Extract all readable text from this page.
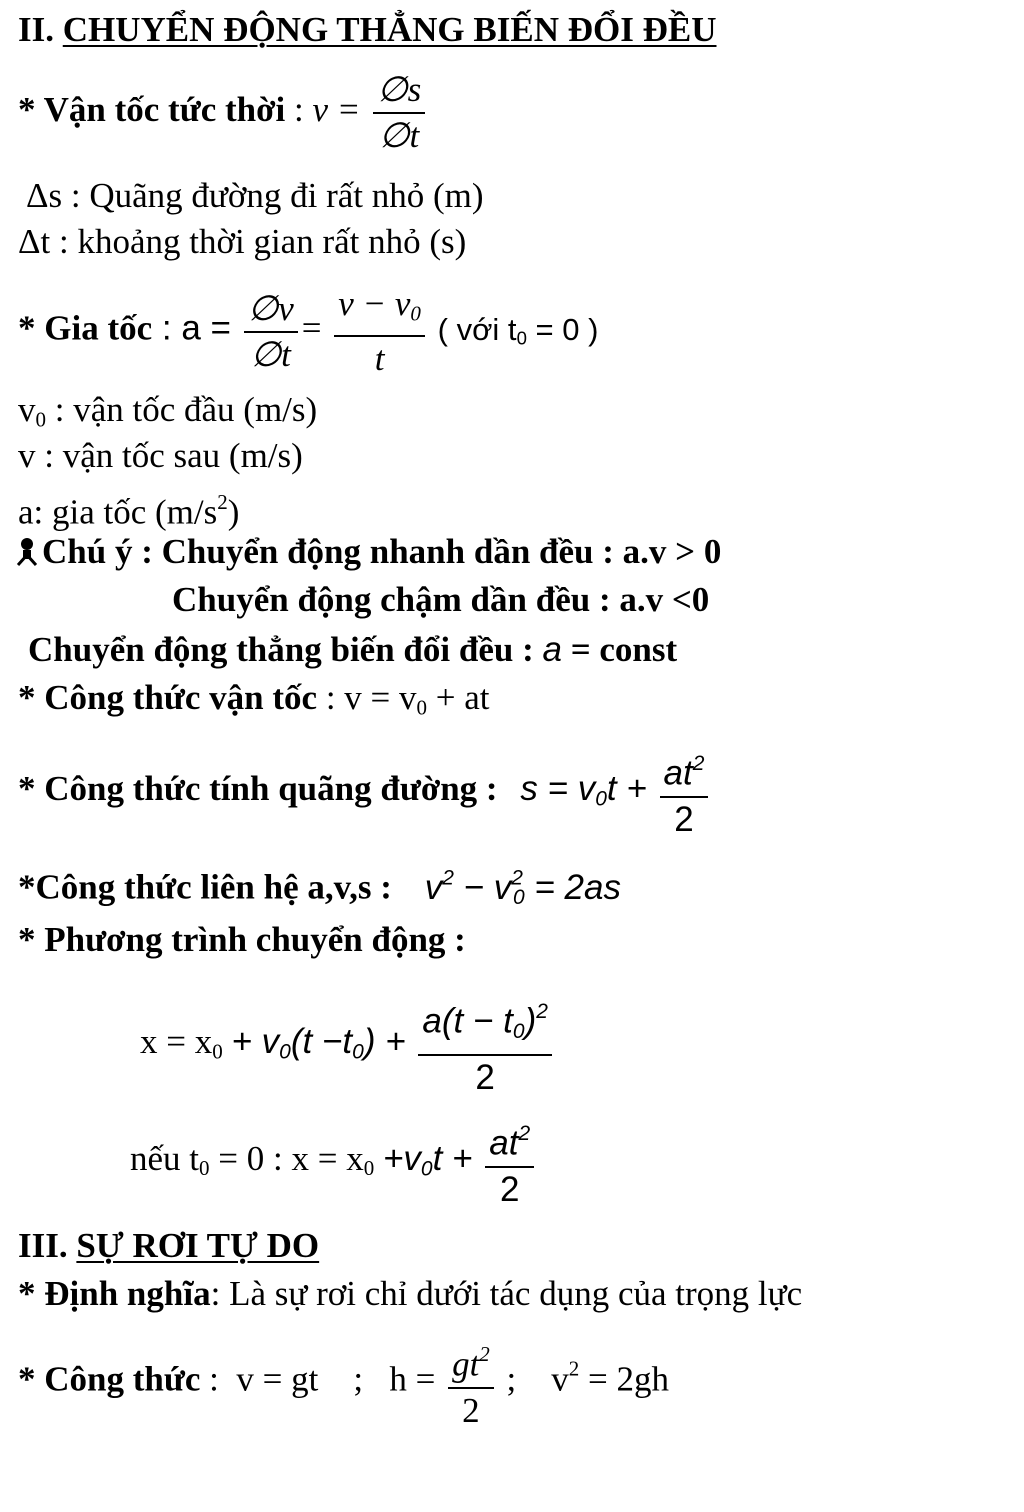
II. CHUYỂN ĐỘNG THẲNG BIẾN ĐỔI ĐỀU
* Vận tốc tức thời : $v = \frac{\emptyset s}{\emptyset t}$
Δs : Quãng đường đi rất nhỏ (m)
Δt : khoảng thời gian rất nhỏ (s)
* Gia tốc : $a = \frac{\emptyset v}{\emptyset t} = \frac{v - v_0}{t}$ ( với $t_0 = 0$ )
$v_0$ : vận tốc đầu (m/s)
v : vận tốc sau (m/s)
a: gia tốc $(m/s^2)$
Chú ý : Chuyển động nhanh dần đều : a.v > 0
Chuyển động chậm dần đều : a.v <0
Chuyển động thẳng biến đổi đều : a = const
* Công thức vận tốc : $v = v_0$ + at
* Công thức tính quãng đường : $s = v_0t + \frac{at^2}{2}$
*Công thức liên hệ a,v,s : $v^2 - v^2_0 = 2as$
* Phương trình chuyển động :
$x = x_0 + v_0(t -t_0) + \frac{a(t - t_0)^2}{2}$
nếu $t_0 = 0$ : $x = x_0 +v_0t + \frac{at^2}{2}$
III. SỰ RƠI TỰ DO
* Định nghĩa: Là sự rơi chỉ dưới tác dụng của trọng lực
* Công thức :  v = gt    ;   $h = \frac{gt^2}{2}$ ;    $v^2 = 2gh$
